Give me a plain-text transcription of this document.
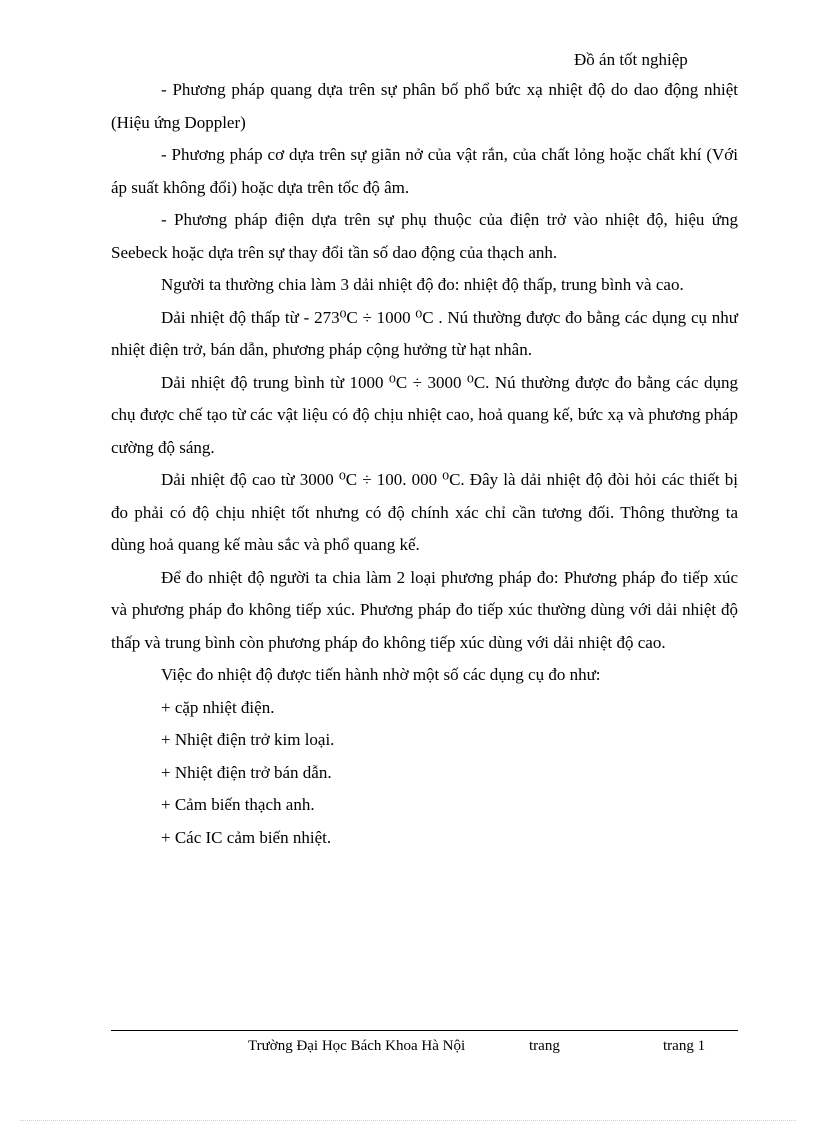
Đồ án tốt nghiệp

- Phương pháp quang dựa trên sự phân bố phổ bức xạ nhiệt độ do dao động nhiệt (Hiệu ứng Doppler)

- Phương pháp cơ dựa trên sự giãn nở của vật rắn, của chất lỏng hoặc chất khí (Với áp suất không đổi) hoặc dựa trên tốc độ âm.

- Phương pháp điện dựa trên sự phụ thuộc của điện trở vào nhiệt độ, hiệu ứng Seebeck hoặc dựa trên sự thay đổi tần số dao động của thạch anh.

Người ta thường chia làm 3 dải nhiệt độ đo: nhiệt độ thấp, trung bình và cao.

Dải nhiệt độ thấp từ - 273⁰C ÷ 1000 ⁰C . Nú thường được đo bằng các dụng cụ như nhiệt điện trở, bán dẫn, phương pháp cộng hưởng từ hạt nhân.

Dải nhiệt độ trung bình từ 1000 ⁰C ÷ 3000 ⁰C. Nú thường được đo bằng các dụng chụ được chế tạo từ các vật liệu có độ chịu nhiệt cao, hoả quang kế, bức xạ và phương pháp cường độ sáng.

Dải nhiệt độ cao từ 3000 ⁰C ÷ 100. 000 ⁰C. Đây là dải nhiệt độ đòi hỏi các thiết bị đo phải có độ chịu nhiệt tốt nhưng có độ chính xác chỉ cần tương đối. Thông thường ta dùng hoả quang kế màu sắc và phổ quang kế.

Để đo nhiệt độ người ta chia làm 2 loại phương pháp đo: Phương pháp đo tiếp xúc và phương pháp đo không tiếp xúc. Phương pháp đo tiếp xúc thường dùng với dải nhiệt độ thấp và trung bình còn phương pháp đo không tiếp xúc dùng với dải nhiệt độ cao.

Việc đo nhiệt độ được tiến hành nhờ một số các dụng cụ đo như:

+ cặp nhiệt điện.

+ Nhiệt điện trở kim loại.

+ Nhiệt điện trở bán dẫn.

+ Cảm biến thạch anh.

+ Các IC cảm biến nhiệt.

Trường Đại Học Bách Khoa Hà Nội	trang	trang 1
